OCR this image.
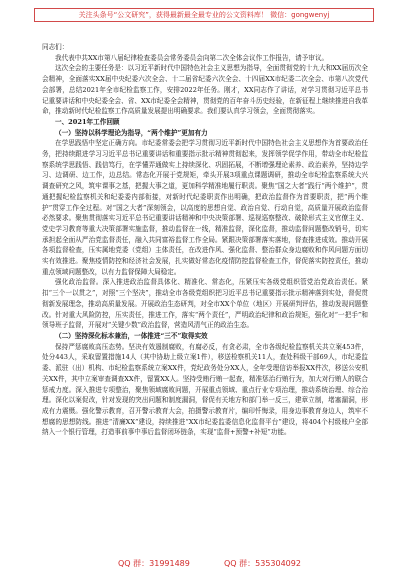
关注头条号“公文研究”，获得最新最全最专业的公文资料库！ 微信：gongwenyj

同志们：

我代表中共XX市第八届纪律检查委员会常务委员会向第二次全体会议作工作报告，请予审议。

这次全会的主要任务是：以习近平新时代中国特色社会主义思想为指导，全面贯彻党的十九大和XX届历次全会精神，全面落实XX届中央纪委六次全会、十二届省纪委六次全会、十四届XX市纪委二次全会、市第八次党代会部署，总结2021年全市纪检监察工作，安排2022年任务。刚才，XX同志作了讲话，对学习贯彻习近平总书记重要讲话和中央纪委全会、省、XX市纪委全会精神，贯彻党的百年奋斗历史经验，在新征程上继续推进自我革命，推动新时代纪检监察工作高质量发展提出明确要求。我们要认真学习领会，全面贯彻落实。

一、2021年工作回顾

（一）坚持以科学理论为指导，“两个维护”更加有力

在学思践悟中坚定正确方向。市纪委常委会把学习贯彻习近平新时代中国特色社会主义思想作为首要政治任务，把持续跟进学习习近平总书记重要讲话和重要指示批示精神贯彻起来，发挥领学促学作用，带动全市纪检监察系统学思践悟、践信笃行，在学懂弄通做实上持续深化、巩固拓展，不断增强理论素养、政治素养，坚持边学习、边调研、边工作，边总结。常态化开展于党规矩，牵头开展3项重点课题调研，推动全市纪检监察系统大兴调查研究之风，筑牢课事之基，把握大事之道，更加科学精准地履行职责。聚焦“国之大者”践行“两个维护”，贯通把握纪检监察机关和纪委委内部衔接，对新时代纪委职责作出明确，把政治监督作为首要职责，把“两个维护”贯穿工作全过程。对“国之大者”深刻领会，以高度的思想自觉、政治自觉、行动自觉，高质量开展政治监督必然要求。聚焦贯彻落实习近平总书记重要讲话精神和中央决策部署、巡视巡察整改、破除形式主义官僚主义、党史学习教育等重大决策部署实施监督，推动监督在一线，精准监督，深化监督，推动监督问题整改销号，切实承担起全面从严治党监督责任，融入共同富裕监督工作全局。紧跟决策部署落实落地，督查推进成效。推动开展各项监督检查，压实属地党委（党组）主体责任，在改进作风、强化监督、整治群众身边腐败和作风问题方面切实有效推进。聚焦疫情防控和经济社会发展，扎实做好常态化疫情防控监督检查工作，督促落实防控责任，推动重点领域问题整改，以有力监督保障大局稳定。

强化政治监督。深入推进政治监督具体化、精准化、常态化，压紧压实各级党组织管党治党政治责任。紧扣“三个一以贯之”，对照“三个坚决”，推动全市各级党组织把习近平总书记重要指示批示精神落到实处，督促贯彻新发展理念，推动高质量发展。开展政治生态研判，对全市XX个单位（地区）开展研判评估，推动发现问题整改。针对重大风险防控，压实责任，推进工作，落实“两个责任”，严明政治纪律和政治规矩，强化对“一把手”和领导班子监督，开展对“关键少数”政治监督，营造风清气正的政治生态。

（二）坚持深化标本兼治，一体推进“三不”取得实效

保持严惩腐败高压态势。坚决有效遏制腐败，有腐必反，有贪必肃，全市各级纪检监察机关共立案453件，处分443人，采取留置措施14人（其中协助上级立案1件），移送检察机关11人，查处科级干部69人，市纪委监委、派驻（出）机构、市纪检监察系统立案XX件，党纪政务处分XX人，全年受理信访举报XX件次，移送公安机关XX件，其中立案审查调查XX件，留置XX人。坚持受贿行贿一起查，精准惩治行贿行为，加大对行贿人的联合惩戒力度。深入推进专项整治，聚焦领域腐败问题，开展重点领域、重点行业专项治理，推动系统治理、综合治理。深化以案促改，针对发现的突出问题和制度漏洞，督促有关地方和部门举一反三，建章立制，堵塞漏洞，形成有力震慑。强化警示教育，召开警示教育大会，拍摄警示教育片，编印忏悔录，用身边事教育身边人，筑牢不想腐的思想防线。推进“清廉XX”建设，持续推进“XX市纪委监委信息化监督平台”建设，将404个村级账户全部纳入一个银行管理，打造事前事中事后监督闭环链条，实现“监督+预警+补短”功能。

QQ 群：31991489	QQ 群：535304092
